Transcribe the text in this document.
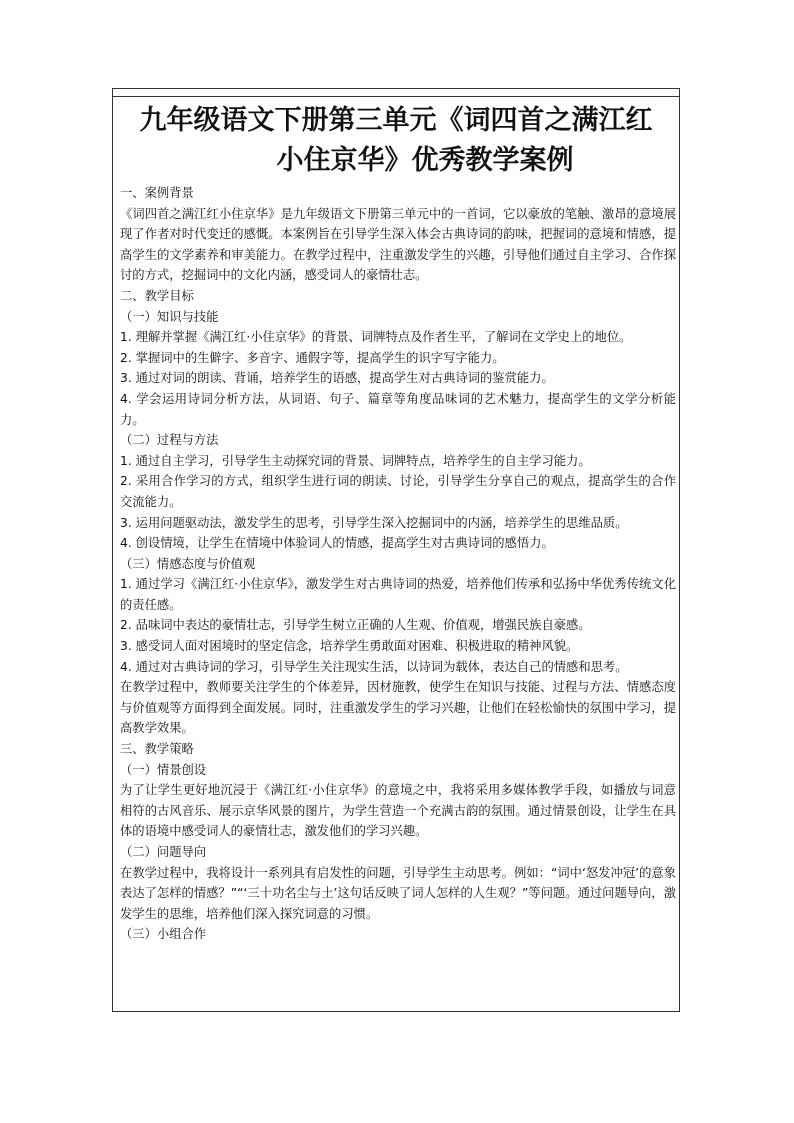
九年级语文下册第三单元《词四首之满江红
小住京华》优秀教学案例

一、案例背景

《词四首之满江红小住京华》是九年级语文下册第三单元中的一首词，它以豪放的笔触、激昂的意境展现了作者对时代变迁的感慨。本案例旨在引导学生深入体会古典诗词的韵味，把握词的意境和情感，提高学生的文学素养和审美能力。在教学过程中，注重激发学生的兴趣，引导他们通过自主学习、合作探讨的方式，挖掘词中的文化内涵，感受词人的豪情壮志。

二、教学目标

（一）知识与技能

1. 理解并掌握《满江红·小住京华》的背景、词牌特点及作者生平，了解词在文学史上的地位。

2. 掌握词中的生僻字、多音字、通假字等，提高学生的识字写字能力。

3. 通过对词的朗读、背诵，培养学生的语感，提高学生对古典诗词的鉴赏能力。

4. 学会运用诗词分析方法，从词语、句子、篇章等角度品味词的艺术魅力，提高学生的文学分析能力。

（二）过程与方法

1. 通过自主学习，引导学生主动探究词的背景、词牌特点，培养学生的自主学习能力。

2. 采用合作学习的方式，组织学生进行词的朗读、讨论，引导学生分享自己的观点，提高学生的合作交流能力。

3. 运用问题驱动法，激发学生的思考，引导学生深入挖掘词中的内涵，培养学生的思维品质。

4. 创设情境，让学生在情境中体验词人的情感，提高学生对古典诗词的感悟力。

（三）情感态度与价值观

1. 通过学习《满江红·小住京华》，激发学生对古典诗词的热爱，培养他们传承和弘扬中华优秀传统文化的责任感。

2. 品味词中表达的豪情壮志，引导学生树立正确的人生观、价值观，增强民族自豪感。

3. 感受词人面对困境时的坚定信念，培养学生勇敢面对困难、积极进取的精神风貌。

4. 通过对古典诗词的学习，引导学生关注现实生活，以诗词为载体，表达自己的情感和思考。

在教学过程中，教师要关注学生的个体差异，因材施教，使学生在知识与技能、过程与方法、情感态度与价值观等方面得到全面发展。同时，注重激发学生的学习兴趣，让他们在轻松愉快的氛围中学习，提高教学效果。

三、教学策略

（一）情景创设

为了让学生更好地沉浸于《满江红·小住京华》的意境之中，我将采用多媒体教学手段，如播放与词意相符的古风音乐、展示京华风景的图片，为学生营造一个充满古韵的氛围。通过情景创设，让学生在具体的语境中感受词人的豪情壮志，激发他们的学习兴趣。

（二）问题导向

在教学过程中，我将设计一系列具有启发性的问题，引导学生主动思考。例如：“词中‘怒发冲冠’的意象表达了怎样的情感？”“‘三十功名尘与土’这句话反映了词人怎样的人生观？”等问题。通过问题导向，激发学生的思维，培养他们深入探究词意的习惯。

（三）小组合作
